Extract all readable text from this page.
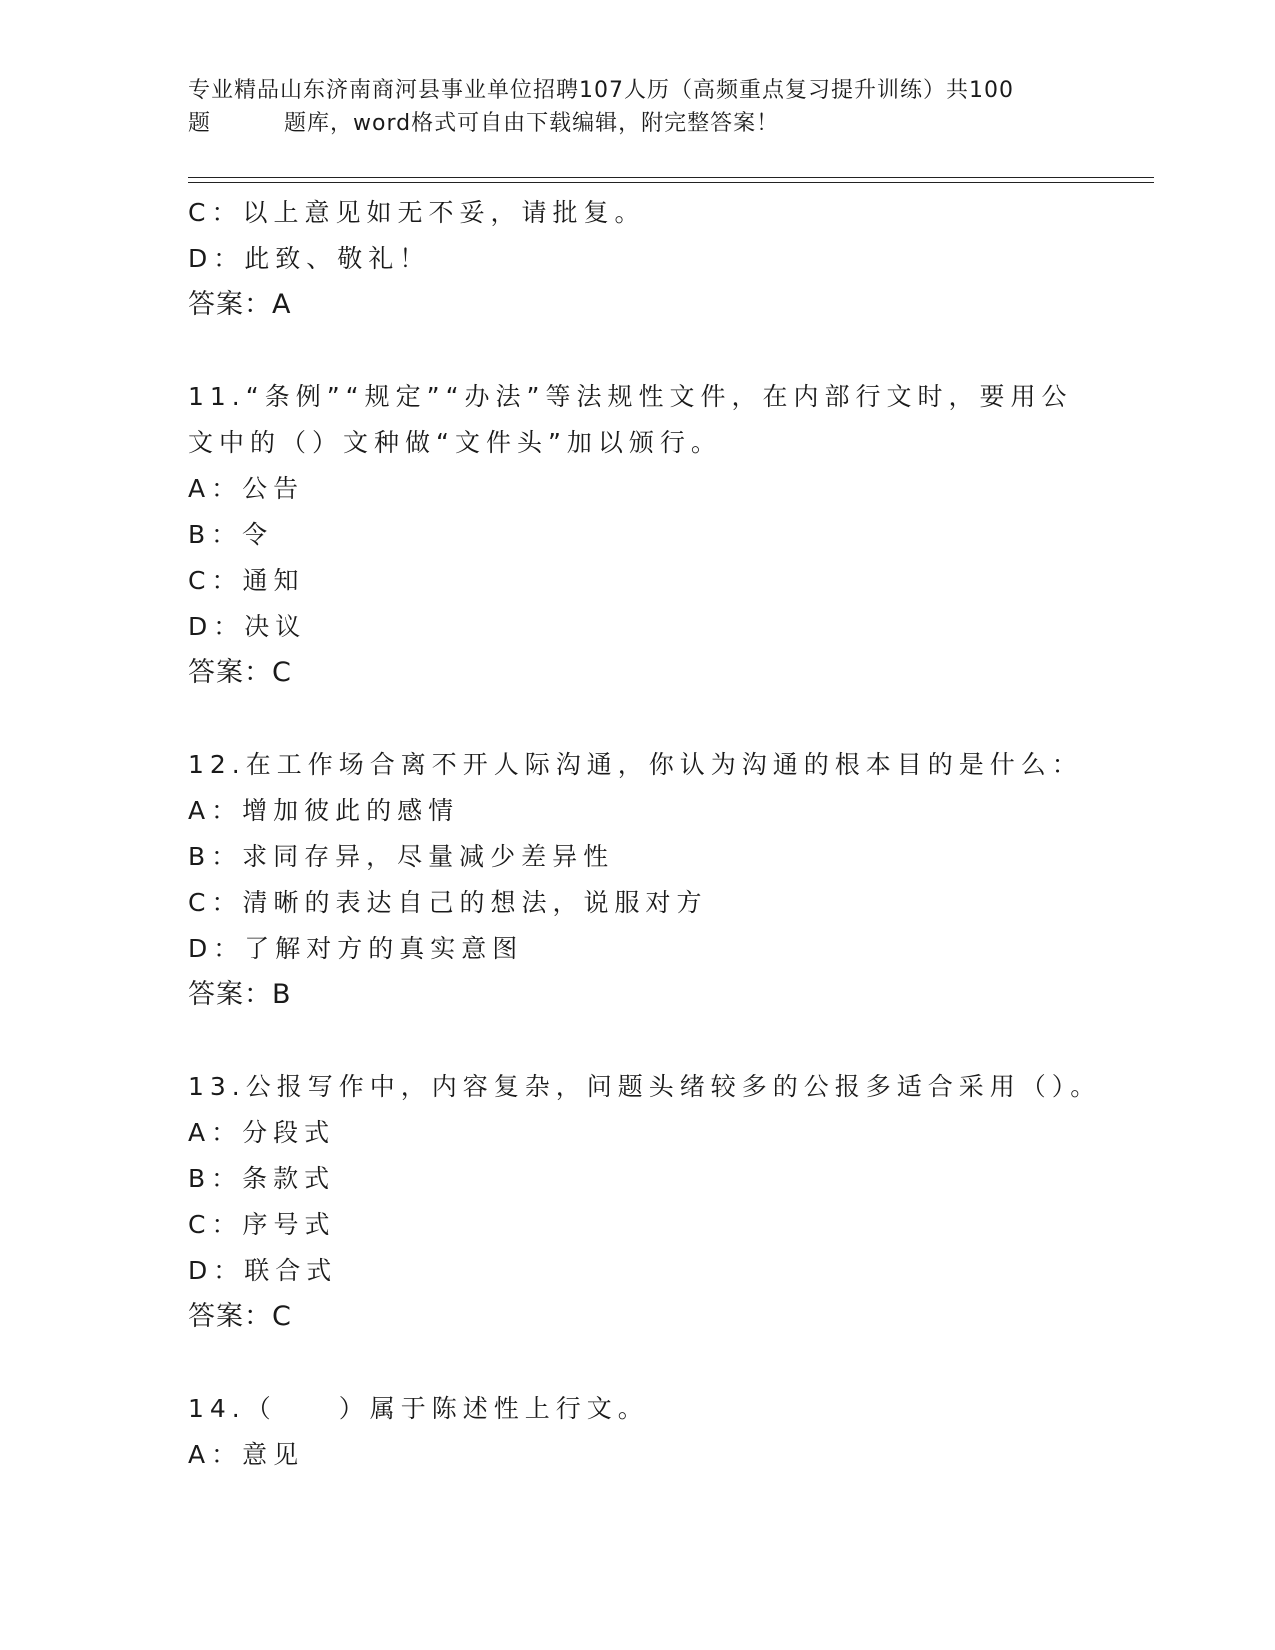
专业精品山东济南商河县事业单位招聘107人历（高频重点复习提升训练）共100
题	题库，word格式可自由下载编辑，附完整答案！
C：以上意见如无不妥，请批复。
D：此致、敬礼！
答案：A
11.“条例”“规定”“办法”等法规性文件，在内部行文时，要用公
文中的（）文种做“文件头”加以颁行。
A：公告
B：令
C：通知
D：决议
答案：C
12.在工作场合离不开人际沟通，你认为沟通的根本目的是什么：
A：增加彼此的感情
B：求同存异，尽量减少差异性
C：清晰的表达自己的想法，说服对方
D：了解对方的真实意图
答案：B
13.公报写作中，内容复杂，问题头绪较多的公报多适合采用（）。
A：分段式
B：条款式
C：序号式
D：联合式
答案：C
14.（　　）属于陈述性上行文。
A：意见
